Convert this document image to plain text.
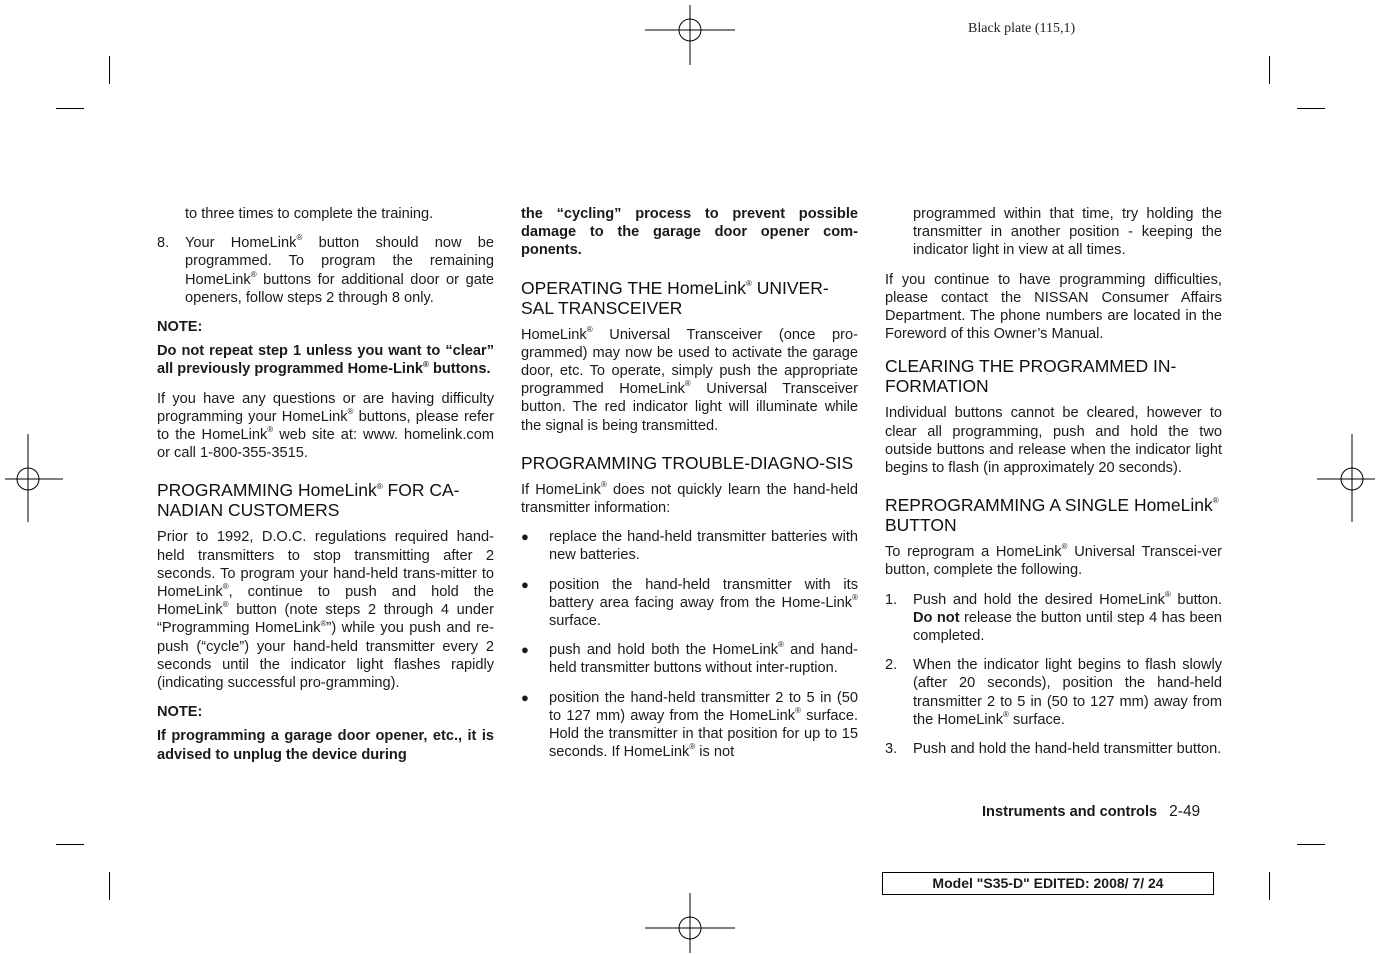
Black plate (115,1)

to three times to complete the training.

8. Your HomeLink® button should now be programmed. To program the remaining HomeLink® buttons for additional door or gate openers, follow steps 2 through 8 only.
NOTE:

Do not repeat step 1 unless you want to “clear” all previously programmed Home-Link® buttons.

If you have any questions or are having difficulty programming your HomeLink® buttons, please refer to the HomeLink® web site at: www. homelink.com or call 1-800-355-3515.

PROGRAMMING HomeLink® FOR CA-NADIAN CUSTOMERS

Prior to 1992, D.O.C. regulations required hand-held transmitters to stop transmitting after 2 seconds. To program your hand-held trans-mitter to HomeLink®, continue to push and hold the HomeLink® button (note steps 2 through 4 under “Programming HomeLink®”) while you push and re-push (“cycle”) your hand-held transmitter every 2 seconds until the indicator light flashes rapidly (indicating successful pro-gramming).

NOTE:

If programming a garage door opener, etc., it is advised to unplug the device during

the “cycling” process to prevent possible damage to the garage door opener com-ponents.

OPERATING THE HomeLink® UNIVER-SAL TRANSCEIVER

HomeLink® Universal Transceiver (once pro-grammed) may now be used to activate the garage door, etc. To operate, simply push the appropriate programmed HomeLink® Universal Transceiver button. The red indicator light will illuminate while the signal is being transmitted.

PROGRAMMING TROUBLE-DIAGNO-SIS

If HomeLink® does not quickly learn the hand-held transmitter information:

● replace the hand-held transmitter batteries with new batteries.
● position the hand-held transmitter with its battery area facing away from the Home-Link® surface.
● push and hold both the HomeLink® and hand-held transmitter buttons without inter-ruption.
● position the hand-held transmitter 2 to 5 in (50 to 127 mm) away from the HomeLink® surface. Hold the transmitter in that position for up to 15 seconds. If HomeLink® is not

programmed within that time, try holding the transmitter in another position - keeping the indicator light in view at all times.

If you continue to have programming difficulties, please contact the NISSAN Consumer Affairs Department. The phone numbers are located in the Foreword of this Owner’s Manual.

CLEARING THE PROGRAMMED IN-FORMATION

Individual buttons cannot be cleared, however to clear all programming, push and hold the two outside buttons and release when the indicator light begins to flash (in approximately 20 seconds).

REPROGRAMMING A SINGLE HomeLink® BUTTON

To reprogram a HomeLink® Universal Transcei-ver button, complete the following.

1. Push and hold the desired HomeLink® button. Do not release the button until step 4 has been completed.
2. When the indicator light begins to flash slowly (after 20 seconds), position the hand-held transmitter 2 to 5 in (50 to 127 mm) away from the HomeLink® surface.
3. Push and hold the hand-held transmitter button.
Instruments and controls 2-49
Model "S35-D" EDITED: 2008/ 7/ 24
